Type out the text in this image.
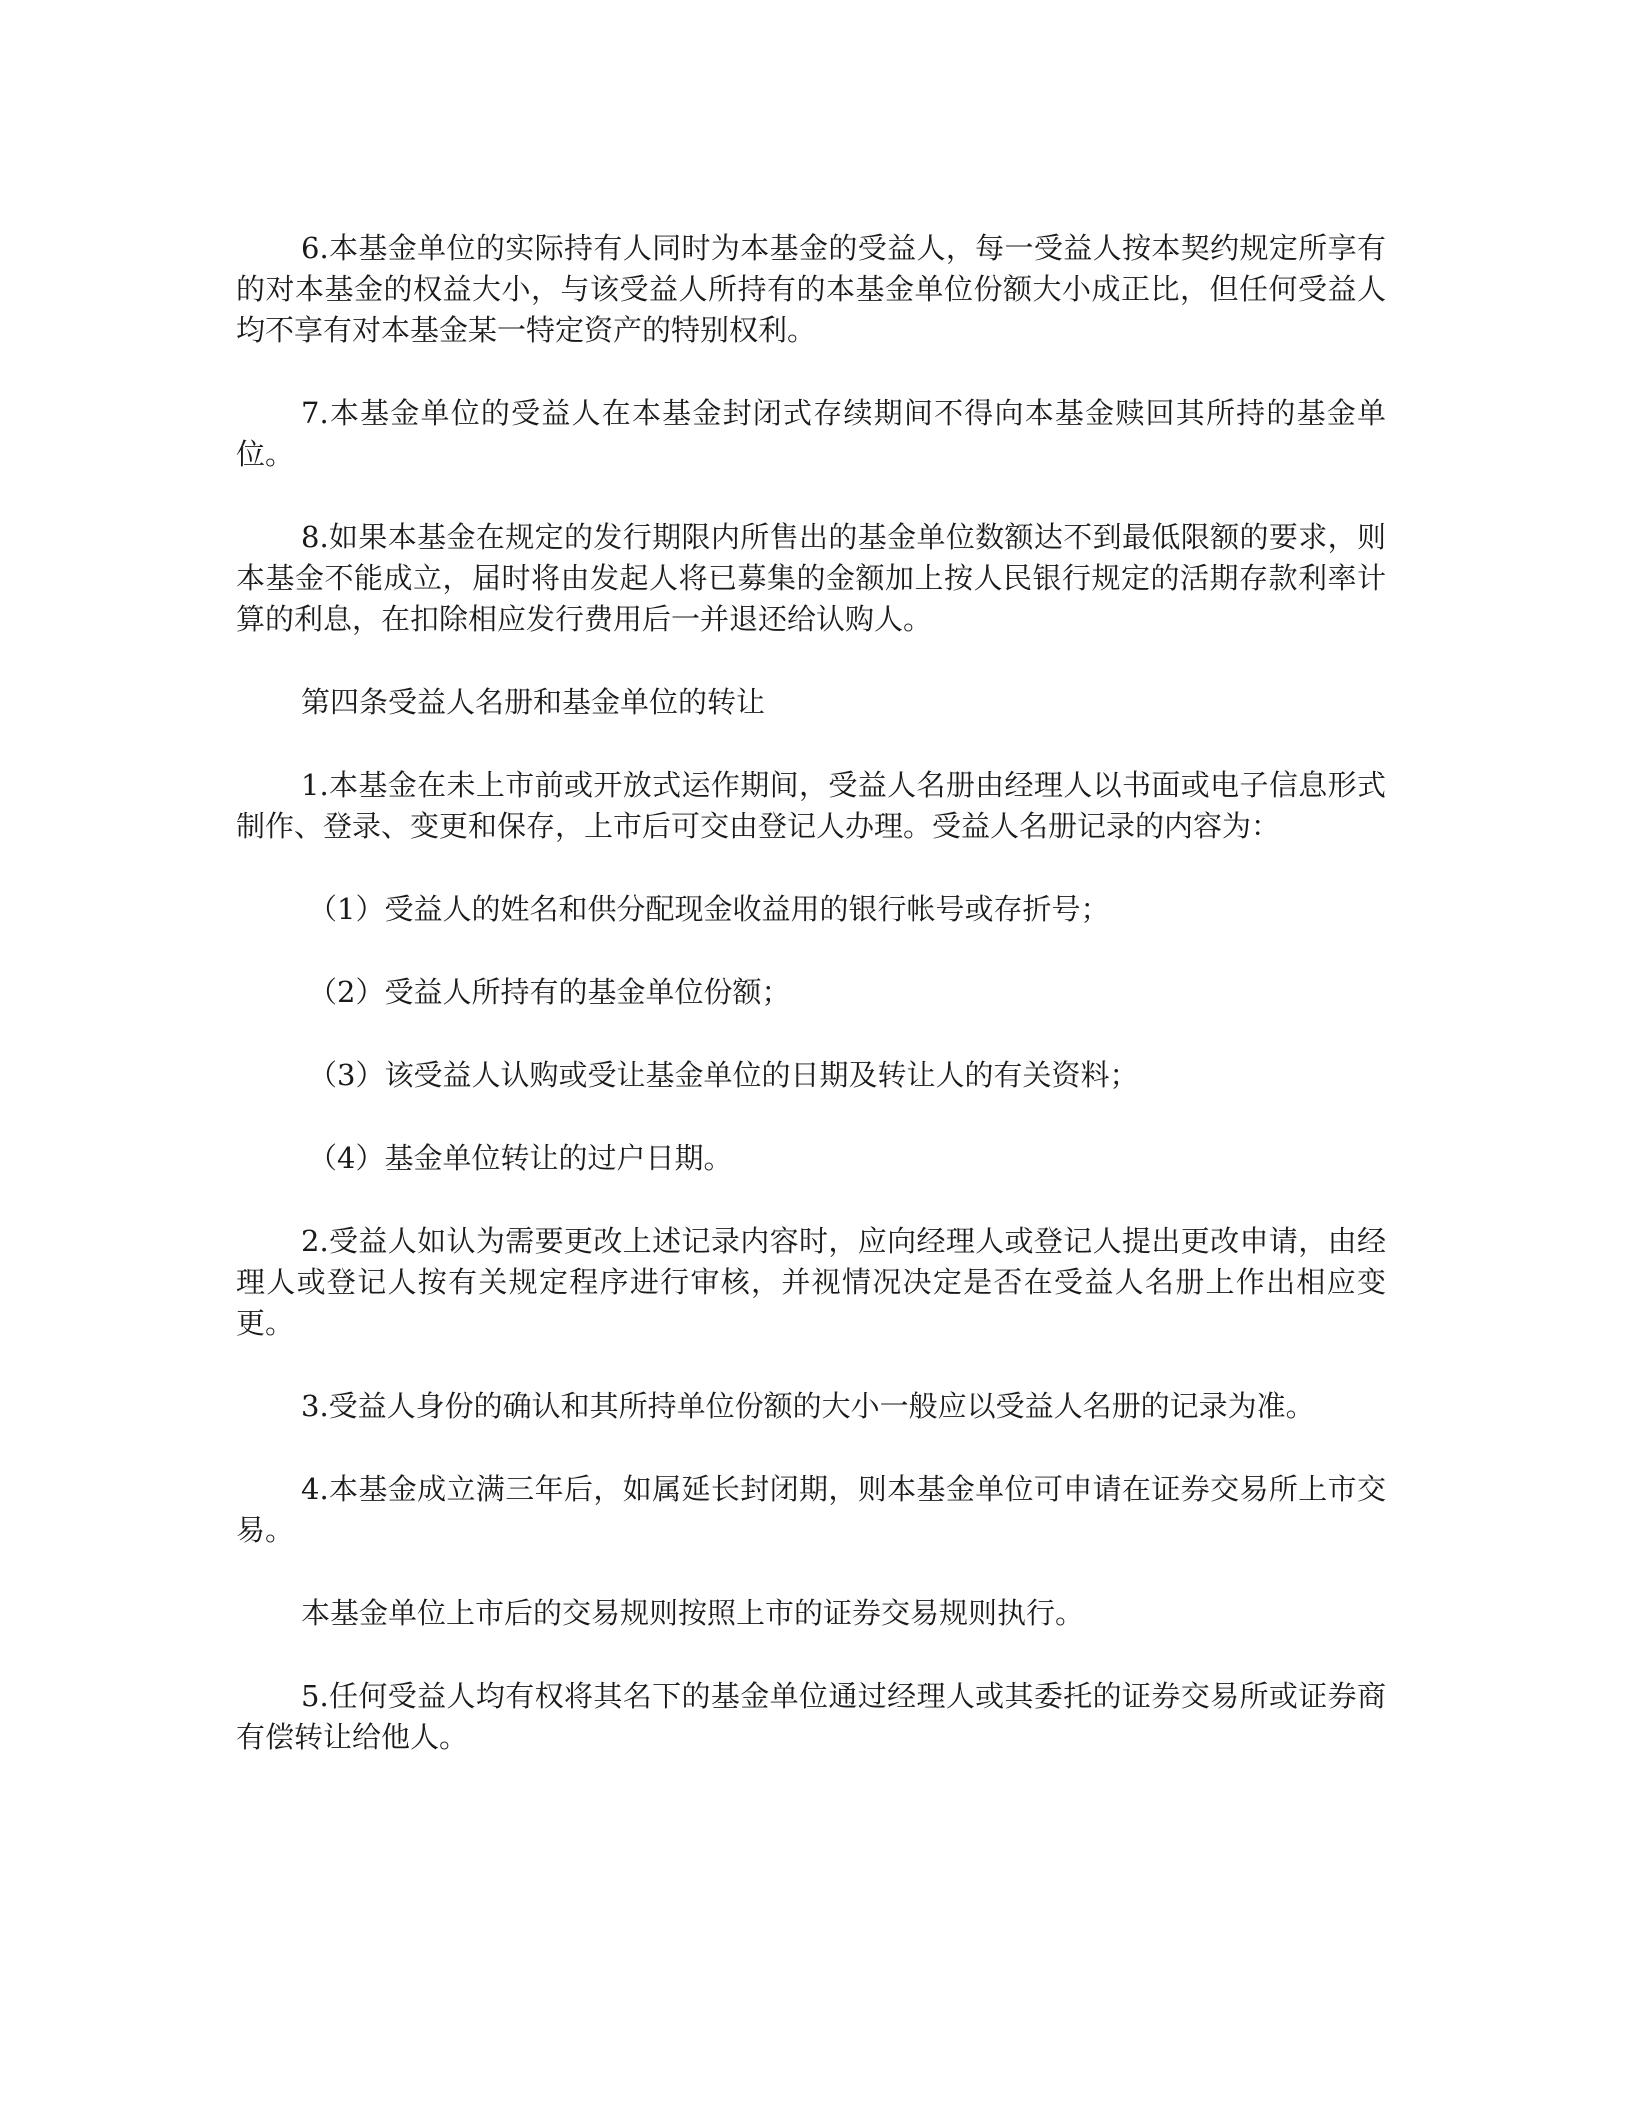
6.本基金单位的实际持有人同时为本基金的受益人，每一受益人按本契约规定所享有的对本基金的权益大小，与该受益人所持有的本基金单位份额大小成正比，但任何受益人均不享有对本基金某一特定资产的特别权利。

7.本基金单位的受益人在本基金封闭式存续期间不得向本基金赎回其所持的基金单位。

8.如果本基金在规定的发行期限内所售出的基金单位数额达不到最低限额的要求，则本基金不能成立，届时将由发起人将已募集的金额加上按人民银行规定的活期存款利率计算的利息，在扣除相应发行费用后一并退还给认购人。

第四条受益人名册和基金单位的转让

1.本基金在未上市前或开放式运作期间，受益人名册由经理人以书面或电子信息形式制作、登录、变更和保存，上市后可交由登记人办理。受益人名册记录的内容为：

（1）受益人的姓名和供分配现金收益用的银行帐号或存折号；

（2）受益人所持有的基金单位份额；

（3）该受益人认购或受让基金单位的日期及转让人的有关资料；

（4）基金单位转让的过户日期。

2.受益人如认为需要更改上述记录内容时，应向经理人或登记人提出更改申请，由经理人或登记人按有关规定程序进行审核，并视情况决定是否在受益人名册上作出相应变更。

3.受益人身份的确认和其所持单位份额的大小一般应以受益人名册的记录为准。

4.本基金成立满三年后，如属延长封闭期，则本基金单位可申请在证券交易所上市交易。

本基金单位上市后的交易规则按照上市的证券交易规则执行。

5.任何受益人均有权将其名下的基金单位通过经理人或其委托的证券交易所或证券商有偿转让给他人。
